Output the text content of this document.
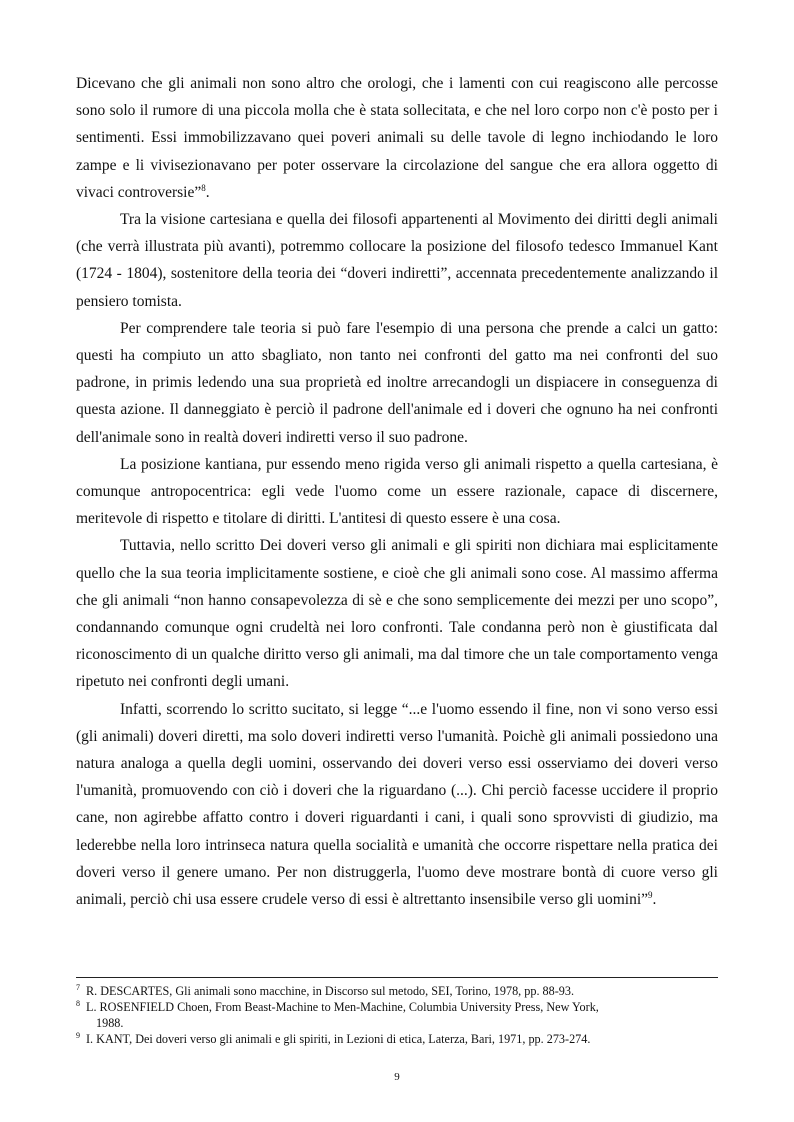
Dicevano che gli animali non sono altro che orologi, che i lamenti con cui reagiscono alle percosse sono solo il rumore di una piccola molla che è stata sollecitata, e che nel loro corpo non c'è posto per i sentimenti. Essi immobilizzavano quei poveri animali su delle tavole di legno inchiodando le loro zampe e li vivisezionavano per poter osservare la circolazione del sangue che era allora oggetto di vivaci controversie”$^8$.

Tra la visione cartesiana e quella dei filosofi appartenenti al Movimento dei diritti degli animali (che verrà illustrata più avanti), potremmo collocare la posizione del filosofo tedesco Immanuel Kant (1724 - 1804), sostenitore della teoria dei “doveri indiretti”, accennata precedentemente analizzando il pensiero tomista.

Per comprendere tale teoria si può fare l'esempio di una persona che prende a calci un gatto: questi ha compiuto un atto sbagliato, non tanto nei confronti del gatto ma nei confronti del suo padrone, in primis ledendo una sua proprietà ed inoltre arrecandogli un dispiacere in conseguenza di questa azione. Il danneggiato è perciò il padrone dell'animale ed i doveri che ognuno ha nei confronti dell'animale sono in realtà doveri indiretti verso il suo padrone.

La posizione kantiana, pur essendo meno rigida verso gli animali rispetto a quella cartesiana, è comunque antropocentrica: egli vede l'uomo come un essere razionale, capace di discernere, meritevole di rispetto e titolare di diritti. L'antitesi di questo essere è una cosa.

Tuttavia, nello scritto Dei doveri verso gli animali e gli spiriti non dichiara mai esplicitamente quello che la sua teoria implicitamente sostiene, e cioè che gli animali sono cose. Al massimo afferma che gli animali “non hanno consapevolezza di sè e che sono semplicemente dei mezzi per uno scopo”, condannando comunque ogni crudeltà nei loro confronti. Tale condanna però non è giustificata dal riconoscimento di un qualche diritto verso gli animali, ma dal timore che un tale comportamento venga ripetuto nei confronti degli umani.

Infatti, scorrendo lo scritto sucitato, si legge “...e l'uomo essendo il fine, non vi sono verso essi (gli animali) doveri diretti, ma solo doveri indiretti verso l'umanità. Poichè gli animali possiedono una natura analoga a quella degli uomini, osservando dei doveri verso essi osserviamo dei doveri verso l'umanità, promuovendo con ciò i doveri che la riguardano (...). Chi perciò facesse uccidere il proprio cane, non agirebbe affatto contro i doveri riguardanti i cani, i quali sono sprovvisti di giudizio, ma lederebbe nella loro intrinseca natura quella socialità e umanità che occorre rispettare nella pratica dei doveri verso il genere umano. Per non distruggerla, l'uomo deve mostrare bontà di cuore verso gli animali, perciò chi usa essere crudele verso di essi è altrettanto insensibile verso gli uomini”$^9$.

7 R. DESCARTES, Gli animali sono macchine, in Discorso sul metodo, SEI, Torino, 1978, pp. 88-93.
8 L. ROSENFIELD Choen, From Beast-Machine to Men-Machine, Columbia University Press, New York,
1988.
9 I. KANT, Dei doveri verso gli animali e gli spiriti, in Lezioni di etica, Laterza, Bari, 1971, pp. 273-274.
9
